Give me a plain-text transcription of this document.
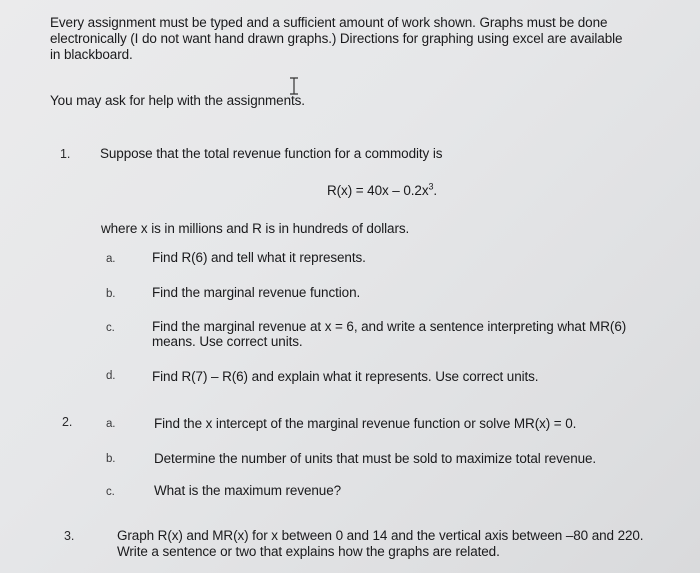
Every assignment must be typed and a sufficient amount of work shown. Graphs must be done
electronically (I do not want hand drawn graphs.) Directions for graphing using excel are available
in blackboard.
You may ask for help with the assignments.
1. Suppose that the total revenue function for a commodity is
$R(x) = 40x - 0.2x^3$.
where x is in millions and R is in hundreds of dollars.
a.	Find R(6) and tell what it represents.
b.	Find the marginal revenue function.
c.	Find the marginal revenue at x = 6, and write a sentence interpreting what MR(6)
means. Use correct units.
d.	Find R(7) – R(6) and explain what it represents. Use correct units.
2.	a.	Find the x intercept of the marginal revenue function or solve MR(x) = 0.
b.	Determine the number of units that must be sold to maximize total revenue.
c.	What is the maximum revenue?
3.	Graph R(x) and MR(x) for x between 0 and 14 and the vertical axis between –80 and 220.
Write a sentence or two that explains how the graphs are related.
